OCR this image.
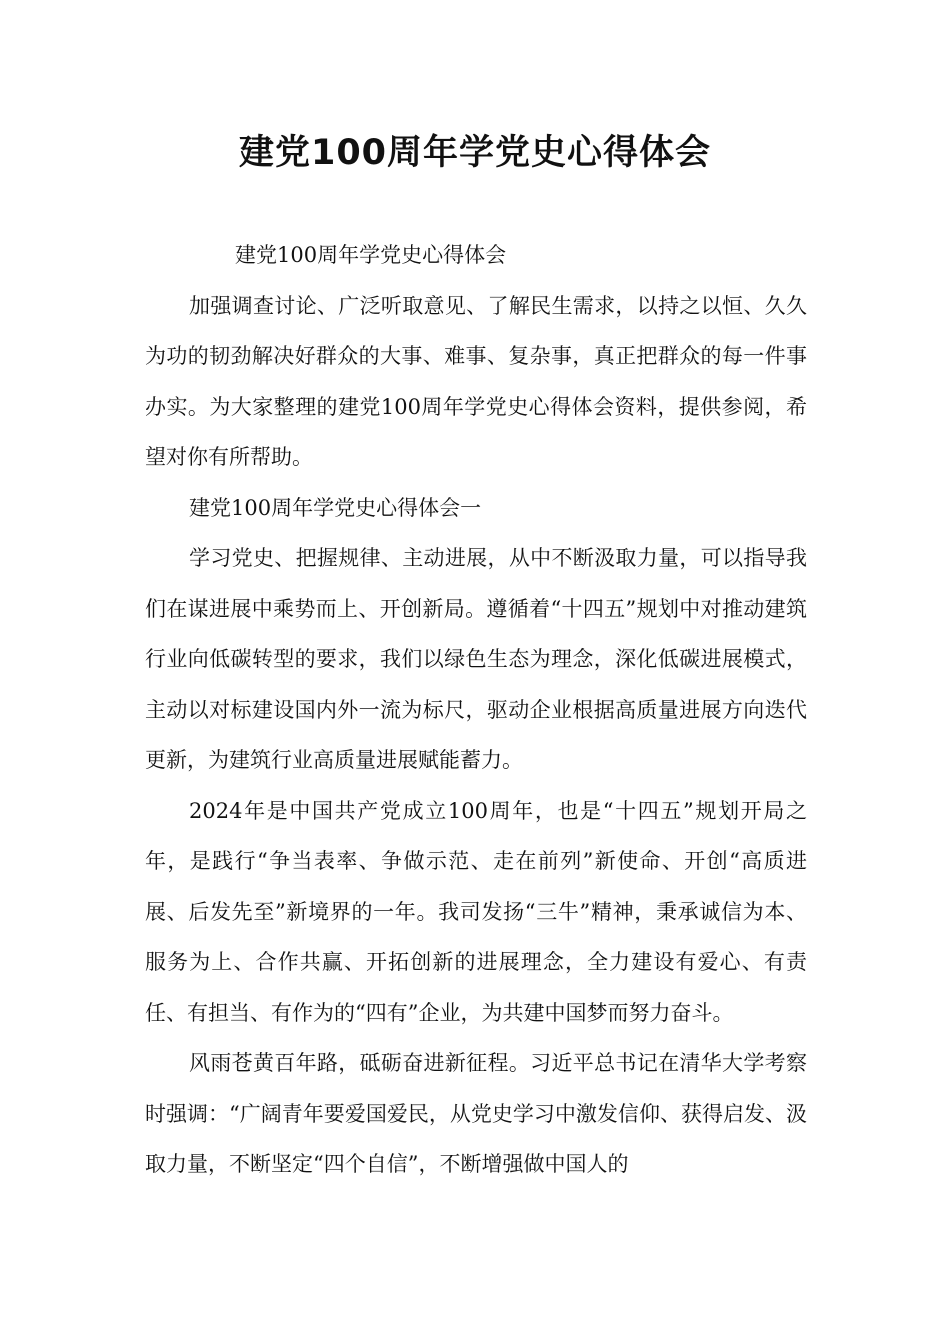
建党100周年学党史心得体会

建党100周年学党史心得体会

加强调查讨论、广泛听取意见、了解民生需求，以持之以恒、久久为功的韧劲解决好群众的大事、难事、复杂事，真正把群众的每一件事办实。为大家整理的建党100周年学党史心得体会资料，提供参阅，希望对你有所帮助。

建党100周年学党史心得体会一

学习党史、把握规律、主动进展，从中不断汲取力量，可以指导我们在谋进展中乘势而上、开创新局。遵循着“十四五”规划中对推动建筑行业向低碳转型的要求，我们以绿色生态为理念，深化低碳进展模式，主动以对标建设国内外一流为标尺，驱动企业根据高质量进展方向迭代更新，为建筑行业高质量进展赋能蓄力。

2024年是中国共产党成立100周年，也是“十四五”规划开局之年，是践行“争当表率、争做示范、走在前列”新使命、开创“高质进展、后发先至”新境界的一年。我司发扬“三牛”精神，秉承诚信为本、服务为上、合作共赢、开拓创新的进展理念，全力建设有爱心、有责任、有担当、有作为的“四有”企业，为共建中国梦而努力奋斗。

风雨苍黄百年路，砥砺奋进新征程。习近平总书记在清华大学考察时强调：“广阔青年要爱国爱民，从党史学习中激发信仰、获得启发、汲取力量，不断坚定“四个自信”，不断增强做中国人的
